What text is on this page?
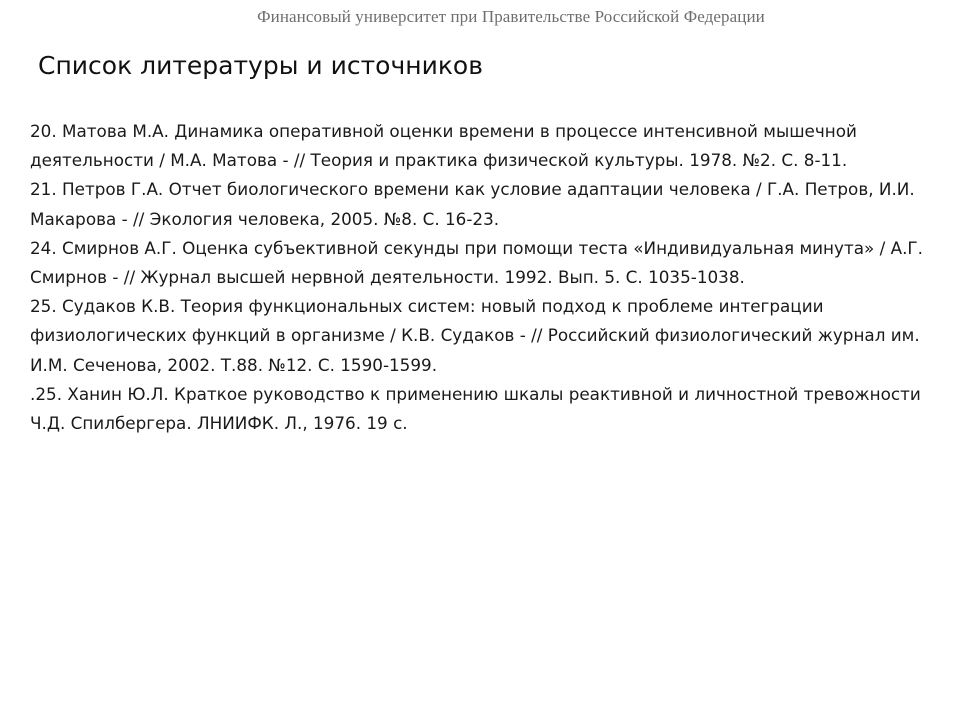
Финансовый университет при Правительстве Российской Федерации
Список литературы и источников

20. Матова М.А. Динамика оперативной оценки времени в процессе интенсивной мышечной деятельности / М.А. Матова - // Теория и практика физической культуры. 1978. №2. С. 8-11.

21. Петров Г.А. Отчет биологического времени как условие адаптации человека / Г.А. Петров, И.И. Макарова - // Экология человека, 2005. №8. С. 16-23.

24. Смирнов А.Г. Оценка субъективной секунды при помощи теста «Индивидуальная минута» / А.Г. Смирнов - // Журнал высшей нервной деятельности. 1992. Вып. 5. С. 1035-1038.

25. Судаков К.В. Теория функциональных систем: новый подход к проблеме интеграции физиологических функций в организме / К.В. Судаков - // Российский физиологический журнал им. И.М. Сеченова, 2002. Т.88. №12. С. 1590-1599.

.25. Ханин Ю.Л. Краткое руководство к применению шкалы реактивной и личностной тревожности Ч.Д. Спилбергера. ЛНИИФК. Л., 1976. 19 с.
